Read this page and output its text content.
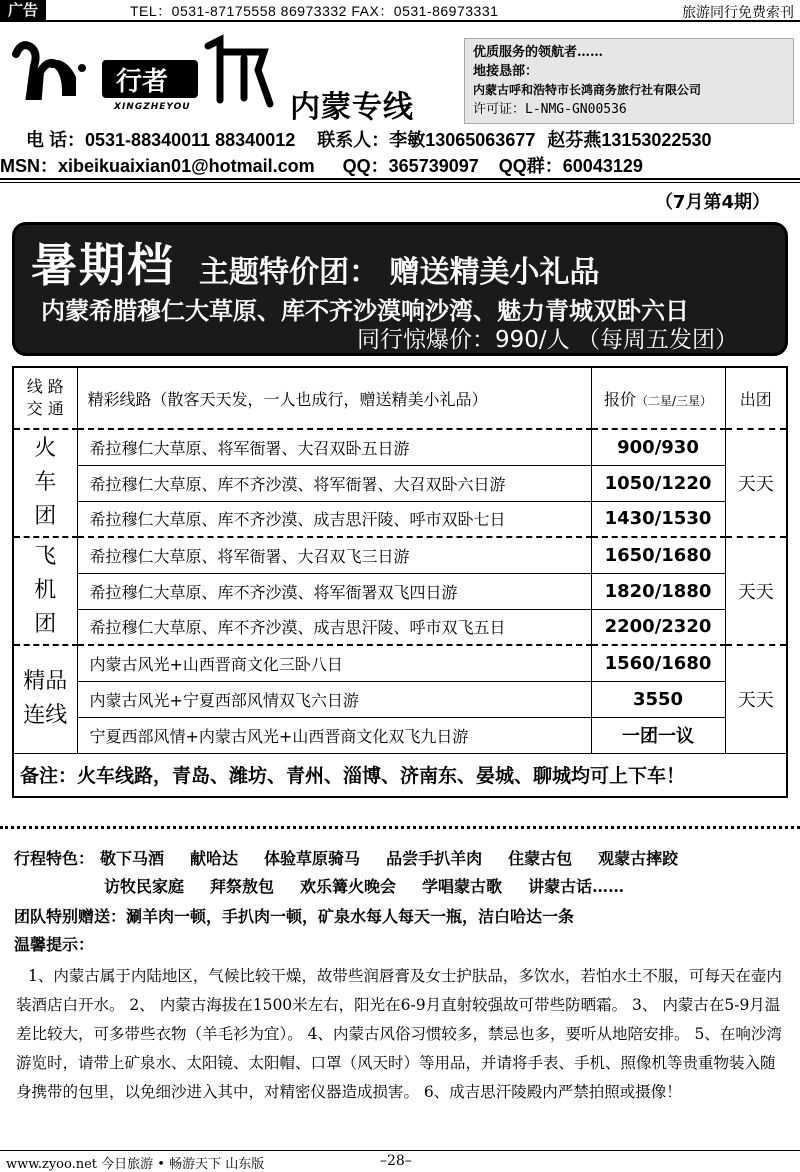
广告	TEL：0531-87175558 86973332 FAX：0531-86973331	旅游同行免费索刊
行者
XINGZHEYOU	内蒙专线
优质服务的领航者……
地接恳部：
内蒙古呼和浩特市长鸿商务旅行社有限公司
许可证：L-NMG-GN00536
电 话：0531-88340011 88340012 联系人：李敏13065063677 赵芬燕13153022530
MSN：xibeikuaixian01@hotmail.com QQ：365739097 QQ群：60043129
（7月第4期）
暑期档 主题特价团： 赠送精美小礼品
内蒙希腊穆仁大草原、库不齐沙漠响沙湾、魅力青城双卧六日
同行惊爆价：990/人 （每周五发团）
线 路
交 通	精彩线路（散客天天发，一人也成行，赠送精美小礼品）	报价（二星/三星）	出团

火车团	希拉穆仁大草原、将军衙署、大召双卧五日游	900/930	天天
	希拉穆仁大草原、库不齐沙漠、将军衙署、大召双卧六日游	1050/1220	
	希拉穆仁大草原、库不齐沙漠、成吉思汗陵、呼市双卧七日	1430/1530	

飞机团	希拉穆仁大草原、将军衙署、大召双飞三日游	1650/1680	天天
	希拉穆仁大草原、库不齐沙漠、将军衙署双飞四日游	1820/1880	
	希拉穆仁大草原、库不齐沙漠、成吉思汗陵、呼市双飞五日	2200/2320	

精品连线	内蒙古风光+山西晋商文化三卧八日	1560/1680	天天
	内蒙古风光+宁夏西部风情双飞六日游	3550	
	宁夏西部风情+内蒙古风光+山西晋商文化双飞九日游	一团一议	
备注：火车线路，青岛、潍坊、青州、淄博、济南东、晏城、聊城均可上下车！			
行程特色： 敬下马酒 献哈达 体验草原骑马 品尝手扒羊肉 住蒙古包 观蒙古摔跤
访牧民家庭 拜祭敖包 欢乐篝火晚会 学唱蒙古歌 讲蒙古话……
团队特别赠送：涮羊肉一顿，手扒肉一顿，矿泉水每人每天一瓶，洁白哈达一条
温馨提示：
1、内蒙古属于内陆地区，气候比较干燥，故带些润唇膏及女士护肤品，多饮水，若怕水土不服，可每天在壶内装酒店白开水。 2、 内蒙古海拔在1500米左右，阳光在6-9月直射较强故可带些防晒霜。 3、 内蒙古在5-9月温差比较大，可多带些衣物（羊毛衫为宜）。 4、内蒙古风俗习惯较多，禁忌也多，要听从地陪安排。 5、在响沙湾游览时，请带上矿泉水、太阳镜、太阳帽、口罩（风天时）等用品，并请将手表、手机、照像机等贵重物装入随身携带的包里，以免细沙进入其中，对精密仪器造成损害。 6、成吉思汗陵殿内严禁拍照或摄像！
www.zyoo.net 今日旅游 • 畅游天下 山东版	–28–
